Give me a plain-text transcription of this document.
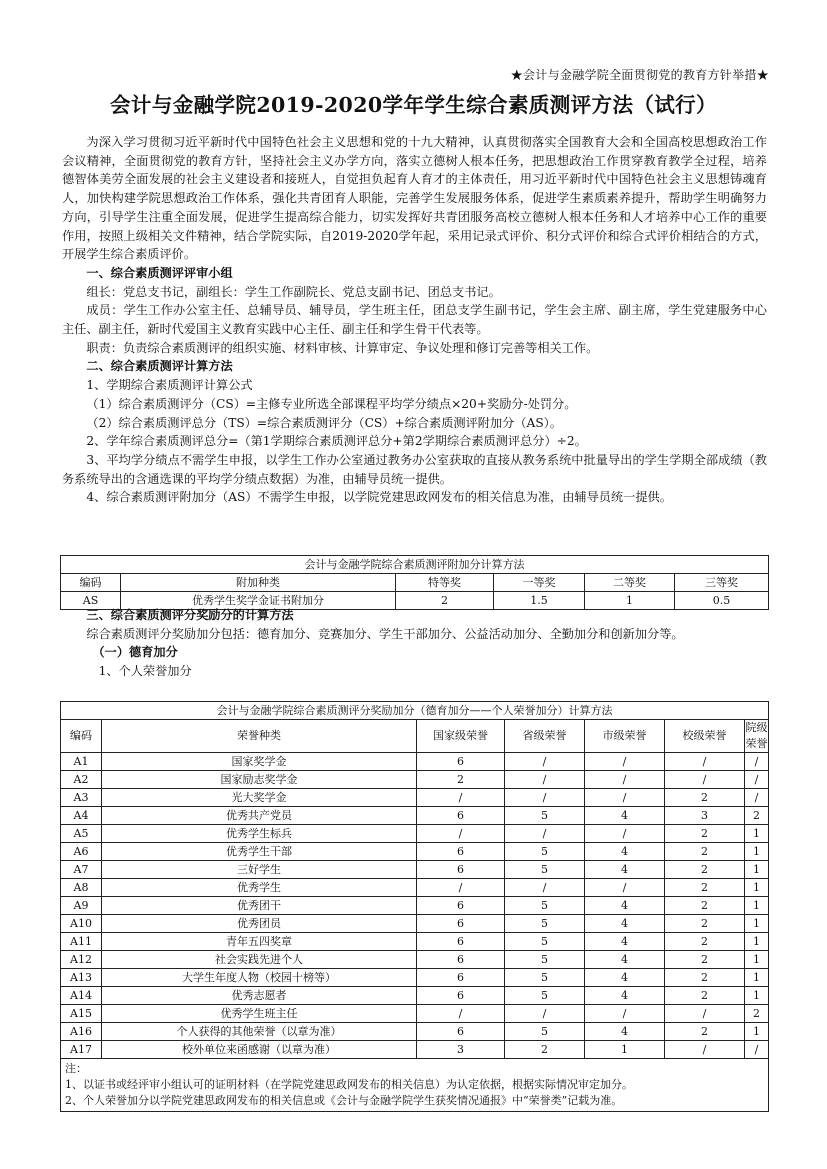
★会计与金融学院全面贯彻党的教育方针举措★
会计与金融学院2019-2020学年学生综合素质测评方法（试行）

为深入学习贯彻习近平新时代中国特色社会主义思想和党的十九大精神，认真贯彻落实全国教育大会和全国高校思想政治工作会议精神，全面贯彻党的教育方针，坚持社会主义办学方向，落实立德树人根本任务，把思想政治工作贯穿教育教学全过程，培养德智体美劳全面发展的社会主义建设者和接班人，自觉担负起育人育才的主体责任，用习近平新时代中国特色社会主义思想铸魂育人，加快构建学院思想政治工作体系，强化共青团育人职能，完善学生发展服务体系，促进学生素质素养提升，帮助学生明确努力方向，引导学生注重全面发展，促进学生提高综合能力，切实发挥好共青团服务高校立德树人根本任务和人才培养中心工作的重要作用，按照上级相关文件精神，结合学院实际，自2019-2020学年起，采用记录式评价、积分式评价和综合式评价相结合的方式，开展学生综合素质评价。

一、综合素质测评评审小组

组长：党总支书记，副组长：学生工作副院长、党总支副书记、团总支书记。

成员：学生工作办公室主任、总辅导员、辅导员，学生班主任，团总支学生副书记，学生会主席、副主席，学生党建服务中心主任、副主任，新时代爱国主义教育实践中心主任、副主任和学生骨干代表等。

职责：负责综合素质测评的组织实施、材料审核、计算审定、争议处理和修订完善等相关工作。

二、综合素质测评计算方法

1、学期综合素质测评计算公式

（1）综合素质测评分（CS）=主修专业所选全部课程平均学分绩点×20+奖励分-处罚分。

（2）综合素质测评总分（TS）=综合素质测评分（CS）+综合素质测评附加分（AS）。

2、学年综合素质测评总分=（第1学期综合素质测评总分+第2学期综合素质测评总分）÷2。

3、平均学分绩点不需学生申报，以学生工作办公室通过教务办公室获取的直接从教务系统中批量导出的学生学期全部成绩（教务系统导出的含通选课的平均学分绩点数据）为准，由辅导员统一提供。

4、综合素质测评附加分（AS）不需学生申报，以学院党建思政网发布的相关信息为准，由辅导员统一提供。

会计与金融学院综合素质测评附加分计算方法					
编码	附加种类	特等奖	一等奖	二等奖	三等奖
AS	优秀学生奖学金证书附加分	2	1.5	1	0.5

三、综合素质测评分奖励分的计算方法

综合素质测评分奖励加分包括：德育加分、竞赛加分、学生干部加分、公益活动加分、全勤加分和创新加分等。

（一）德育加分

1、个人荣誉加分

会计与金融学院综合素质测评分奖励加分（德育加分——个人荣誉加分）计算方法						
编码	荣誉种类	国家级荣誉	省级荣誉	市级荣誉	校级荣誉	院级荣誉
A1	国家奖学金	6	/	/	/	/
A2	国家励志奖学金	2	/	/	/	/
A3	光大奖学金	/	/	/	2	/
A4	优秀共产党员	6	5	4	3	2
A5	优秀学生标兵	/	/	/	2	1
A6	优秀学生干部	6	5	4	2	1
A7	三好学生	6	5	4	2	1
A8	优秀学生	/	/	/	2	1
A9	优秀团干	6	5	4	2	1
A10	优秀团员	6	5	4	2	1
A11	青年五四奖章	6	5	4	2	1
A12	社会实践先进个人	6	5	4	2	1
A13	大学生年度人物（校园十榜等）	6	5	4	2	1
A14	优秀志愿者	6	5	4	2	1
A15	优秀学生班主任	/	/	/	/	2
A16	个人获得的其他荣誉（以章为准）	6	5	4	2	1
A17	校外单位来函感谢（以章为准）	3	2	1	/	/

注：
1、以证书或经评审小组认可的证明材料（在学院党建思政网发布的相关信息）为认定依据，根据实际情况审定加分。
2、个人荣誉加分以学院党建思政网发布的相关信息或《会计与金融学院学生获奖情况通报》中“荣誉类”记载为准。						
